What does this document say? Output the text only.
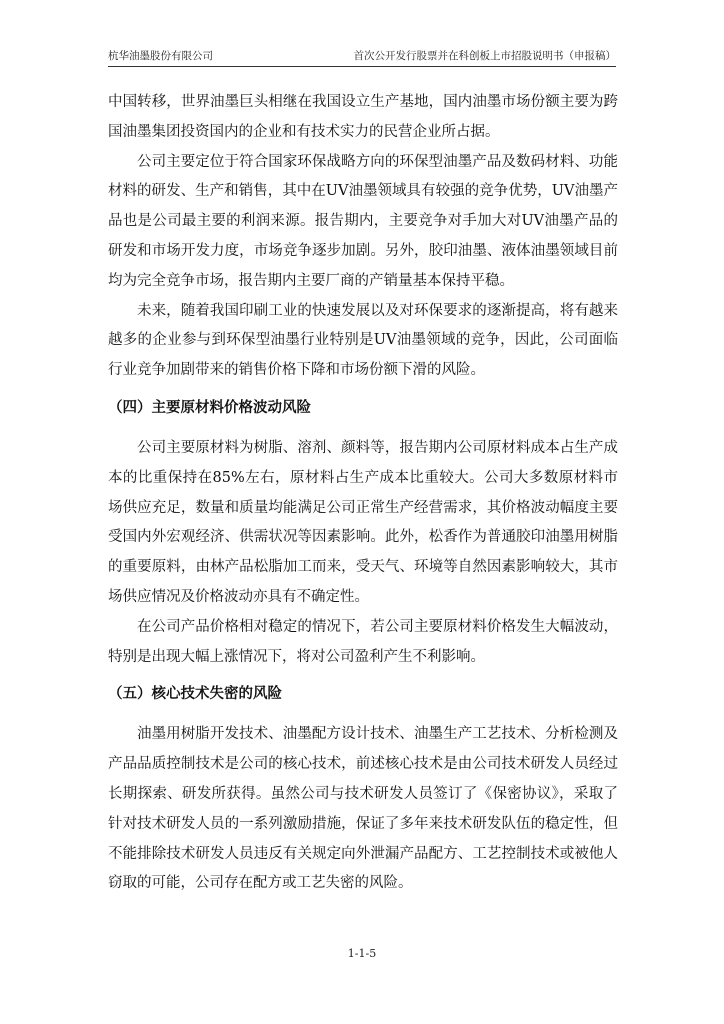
杭华油墨股份有限公司	首次公开发行股票并在科创板上市招股说明书（申报稿）

中国转移，世界油墨巨头相继在我国设立生产基地，国内油墨市场份额主要为跨国油墨集团投资国内的企业和有技术实力的民营企业所占据。

公司主要定位于符合国家环保战略方向的环保型油墨产品及数码材料、功能材料的研发、生产和销售，其中在UV油墨领域具有较强的竞争优势，UV油墨产品也是公司最主要的利润来源。报告期内，主要竞争对手加大对UV油墨产品的研发和市场开发力度，市场竞争逐步加剧。另外，胶印油墨、液体油墨领域目前均为完全竞争市场，报告期内主要厂商的产销量基本保持平稳。

未来，随着我国印刷工业的快速发展以及对环保要求的逐渐提高，将有越来越多的企业参与到环保型油墨行业特别是UV油墨领域的竞争，因此，公司面临行业竞争加剧带来的销售价格下降和市场份额下滑的风险。

（四）主要原材料价格波动风险

公司主要原材料为树脂、溶剂、颜料等，报告期内公司原材料成本占生产成本的比重保持在85%左右，原材料占生产成本比重较大。公司大多数原材料市场供应充足，数量和质量均能满足公司正常生产经营需求，其价格波动幅度主要受国内外宏观经济、供需状况等因素影响。此外，松香作为普通胶印油墨用树脂的重要原料，由林产品松脂加工而来，受天气、环境等自然因素影响较大，其市场供应情况及价格波动亦具有不确定性。

在公司产品价格相对稳定的情况下，若公司主要原材料价格发生大幅波动，特别是出现大幅上涨情况下，将对公司盈利产生不利影响。

（五）核心技术失密的风险

油墨用树脂开发技术、油墨配方设计技术、油墨生产工艺技术、分析检测及产品品质控制技术是公司的核心技术，前述核心技术是由公司技术研发人员经过长期探索、研发所获得。虽然公司与技术研发人员签订了《保密协议》，采取了针对技术研发人员的一系列激励措施，保证了多年来技术研发队伍的稳定性，但不能排除技术研发人员违反有关规定向外泄漏产品配方、工艺控制技术或被他人窃取的可能，公司存在配方或工艺失密的风险。

1-1-5
